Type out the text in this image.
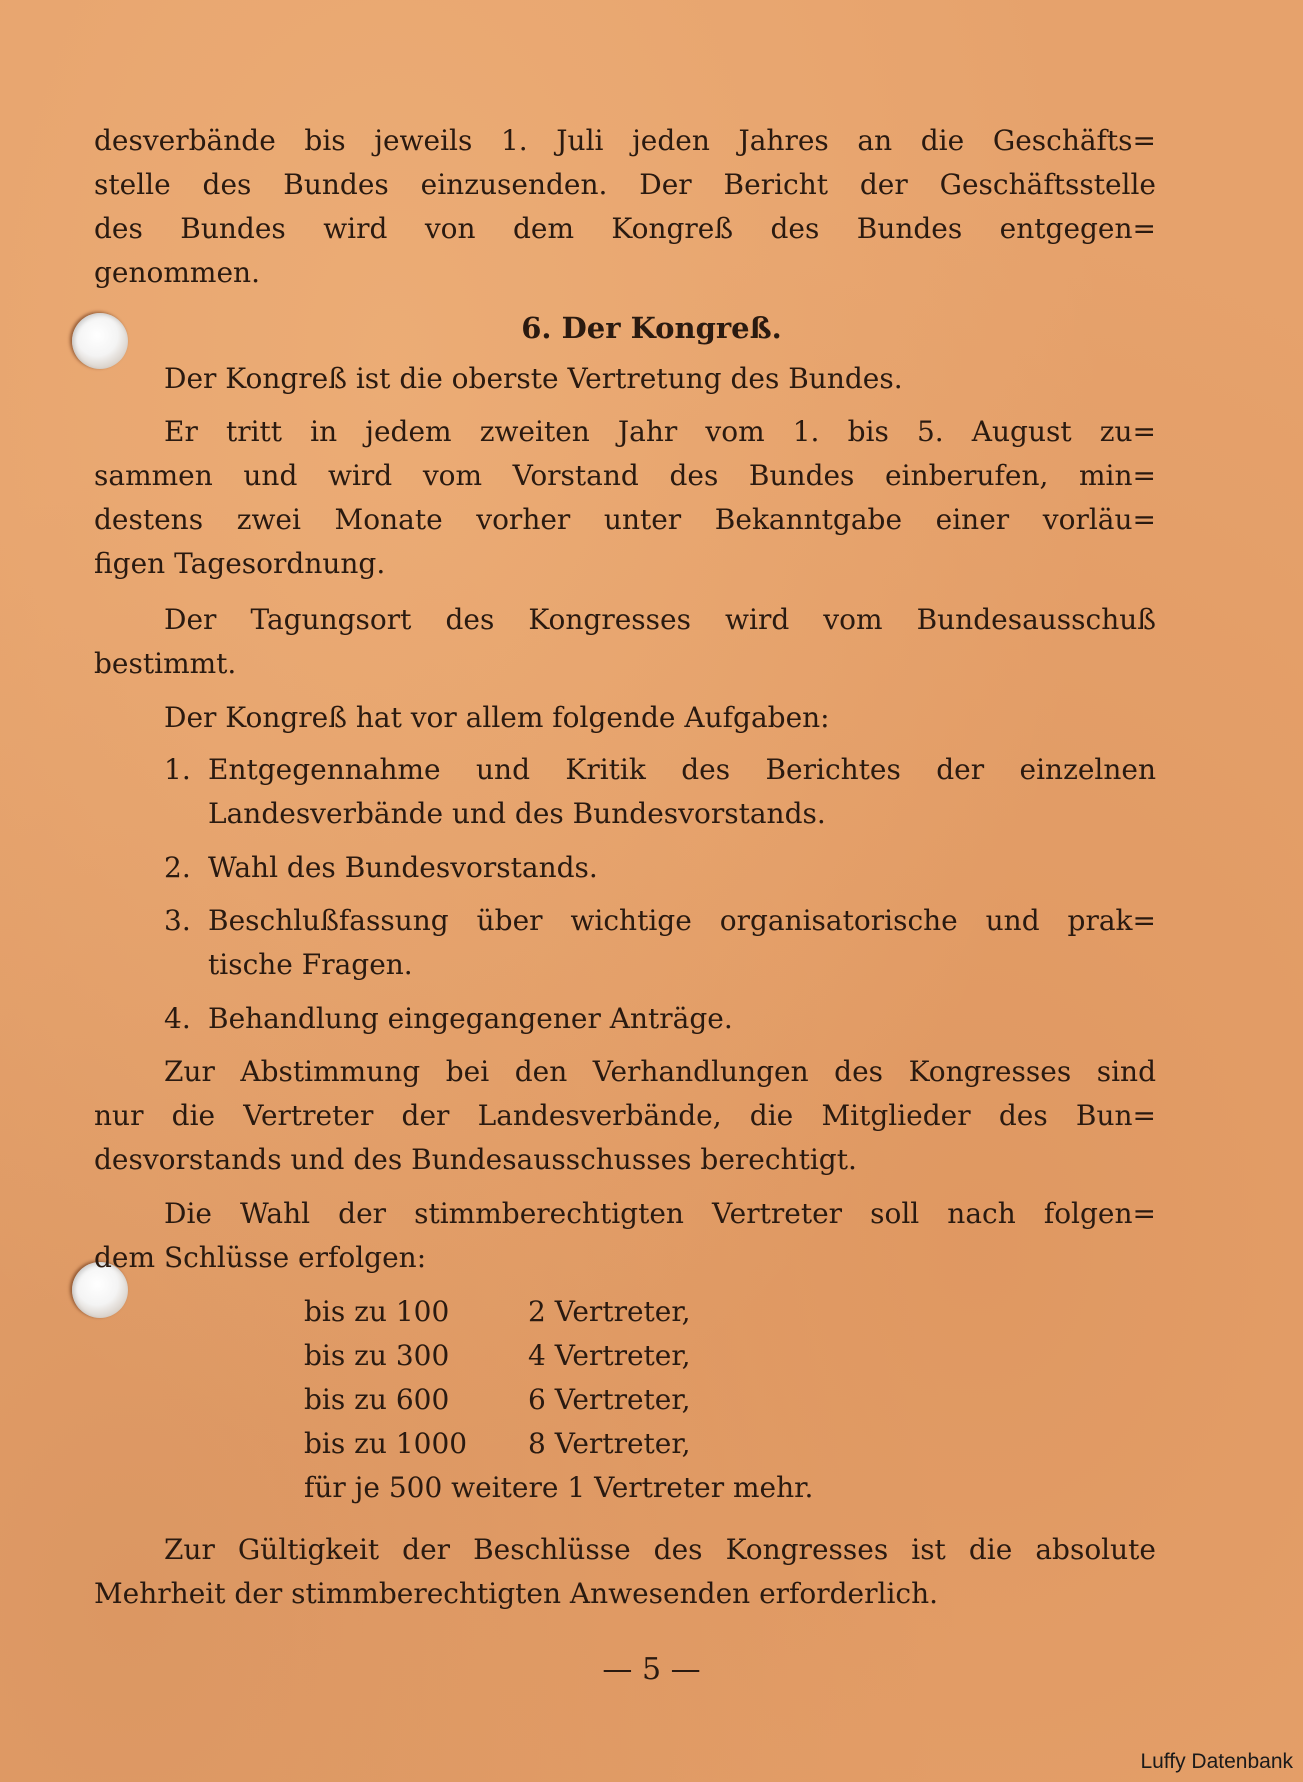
desverbände bis jeweils 1. Juli jeden Jahres an die Geschäfts=
stelle des Bundes einzusenden. Der Bericht der Geschäftsstelle
des Bundes wird von dem Kongreß des Bundes entgegen=
genommen.
6. Der Kongreß.
Der Kongreß ist die oberste Vertretung des Bundes.
Er tritt in jedem zweiten Jahr vom 1. bis 5. August zu=
sammen und wird vom Vorstand des Bundes einberufen, min=
destens zwei Monate vorher unter Bekanntgabe einer vorläu=
figen Tagesordnung.
Der Tagungsort des Kongresses wird vom Bundesausschuß
bestimmt.
Der Kongreß hat vor allem folgende Aufgaben:
1. Entgegennahme und Kritik des Berichtes der einzelnen
Landesverbände und des Bundesvorstands.
2. Wahl des Bundesvorstands.
3. Beschlußfassung über wichtige organisatorische und prak=
tische Fragen.
4. Behandlung eingegangener Anträge.
Zur Abstimmung bei den Verhandlungen des Kongresses sind
nur die Vertreter der Landesverbände, die Mitglieder des Bun=
desvorstands und des Bundesausschusses berechtigt.
Die Wahl der stimmberechtigten Vertreter soll nach folgen=
dem Schlüsse erfolgen:
bis zu 100	2 Vertreter,
bis zu 300	4 Vertreter,
bis zu 600	6 Vertreter,
bis zu 1000 8 Vertreter,
für je 500 weitere 1 Vertreter mehr.
Zur Gültigkeit der Beschlüsse des Kongresses ist die absolute
Mehrheit der stimmberechtigten Anwesenden erforderlich.
— 5 —
Luffy Datenbank
